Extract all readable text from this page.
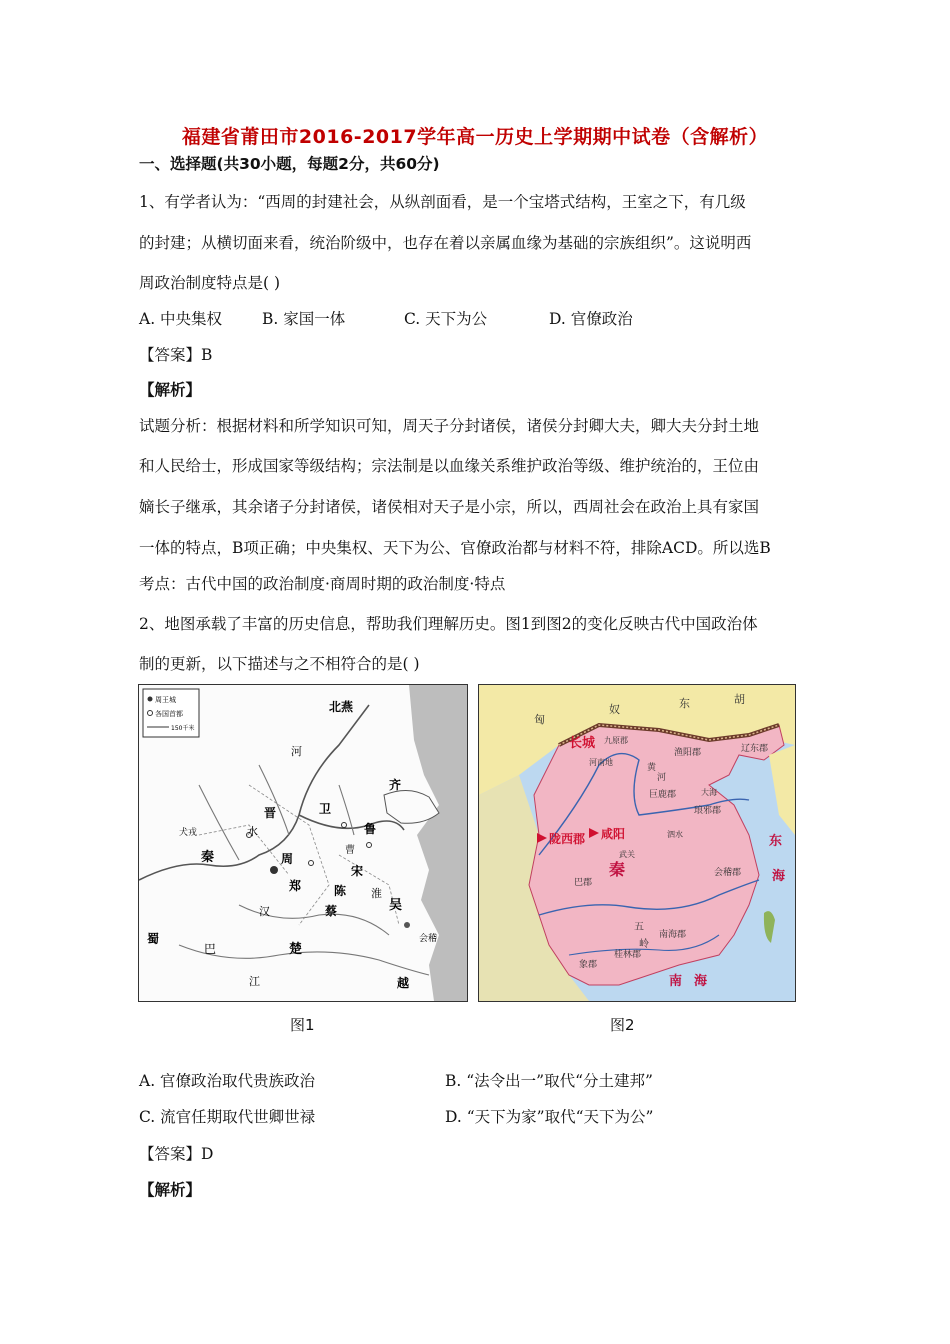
福建省莆田市2016-2017学年高一历史上学期期中试卷（含解析）
一、选择题(共30小题，每题2分，共60分)
1、有学者认为：“西周的封建社会，从纵剖面看，是一个宝塔式结构，王室之下，有几级
的封建；从横切面来看，统治阶级中，也存在着以亲属血缘为基础的宗族组织”。这说明西
周政治制度特点是( )
A. 中央集权	B. 家国一体	C. 天下为公	D. 官僚政治
【答案】B
【解析】
试题分析：根据材料和所学知识可知，周天子分封诸侯，诸侯分封卿大夫，卿大夫分封土地
和人民给士，形成国家等级结构；宗法制是以血缘关系维护政治等级、维护统治的，王位由
嫡长子继承，其余诸子分封诸侯，诸侯相对天子是小宗，所以，西周社会在政治上具有家国
一体的特点，B项正确；中央集权、天下为公、官僚政治都与材料不符，排除ACD。所以选B
考点：古代中国的政治制度·商周时期的政治制度·特点
2、地图承载了丰富的历史信息，帮助我们理解历史。图1到图2的变化反映古代中国政治体
制的更新，以下描述与之不相符合的是( )
周王城
各国首都
150千米
北燕
河
齐
晋	卫
鲁
秦	周
郑
宋
陈
蔡
楚
吴
越
蜀
巴
江
水
汉
淮
曹
会稽
犬戎
图1
匈
奴	东	胡
长城
渔阳郡	辽东郡
九原郡
河南地
咸阳
陇西郡
巨鹿郡
琅邪郡
泗水
会稽郡
秦
巴郡
武关
南海郡
桂林郡
象郡
东
海
南 海
五
岭
黄
河
大海
图2
A. 官僚政治取代贵族政治	B. “法令出一”取代“分土建邦”
C. 流官任期取代世卿世禄	D. “天下为家”取代“天下为公”
【答案】D
【解析】
